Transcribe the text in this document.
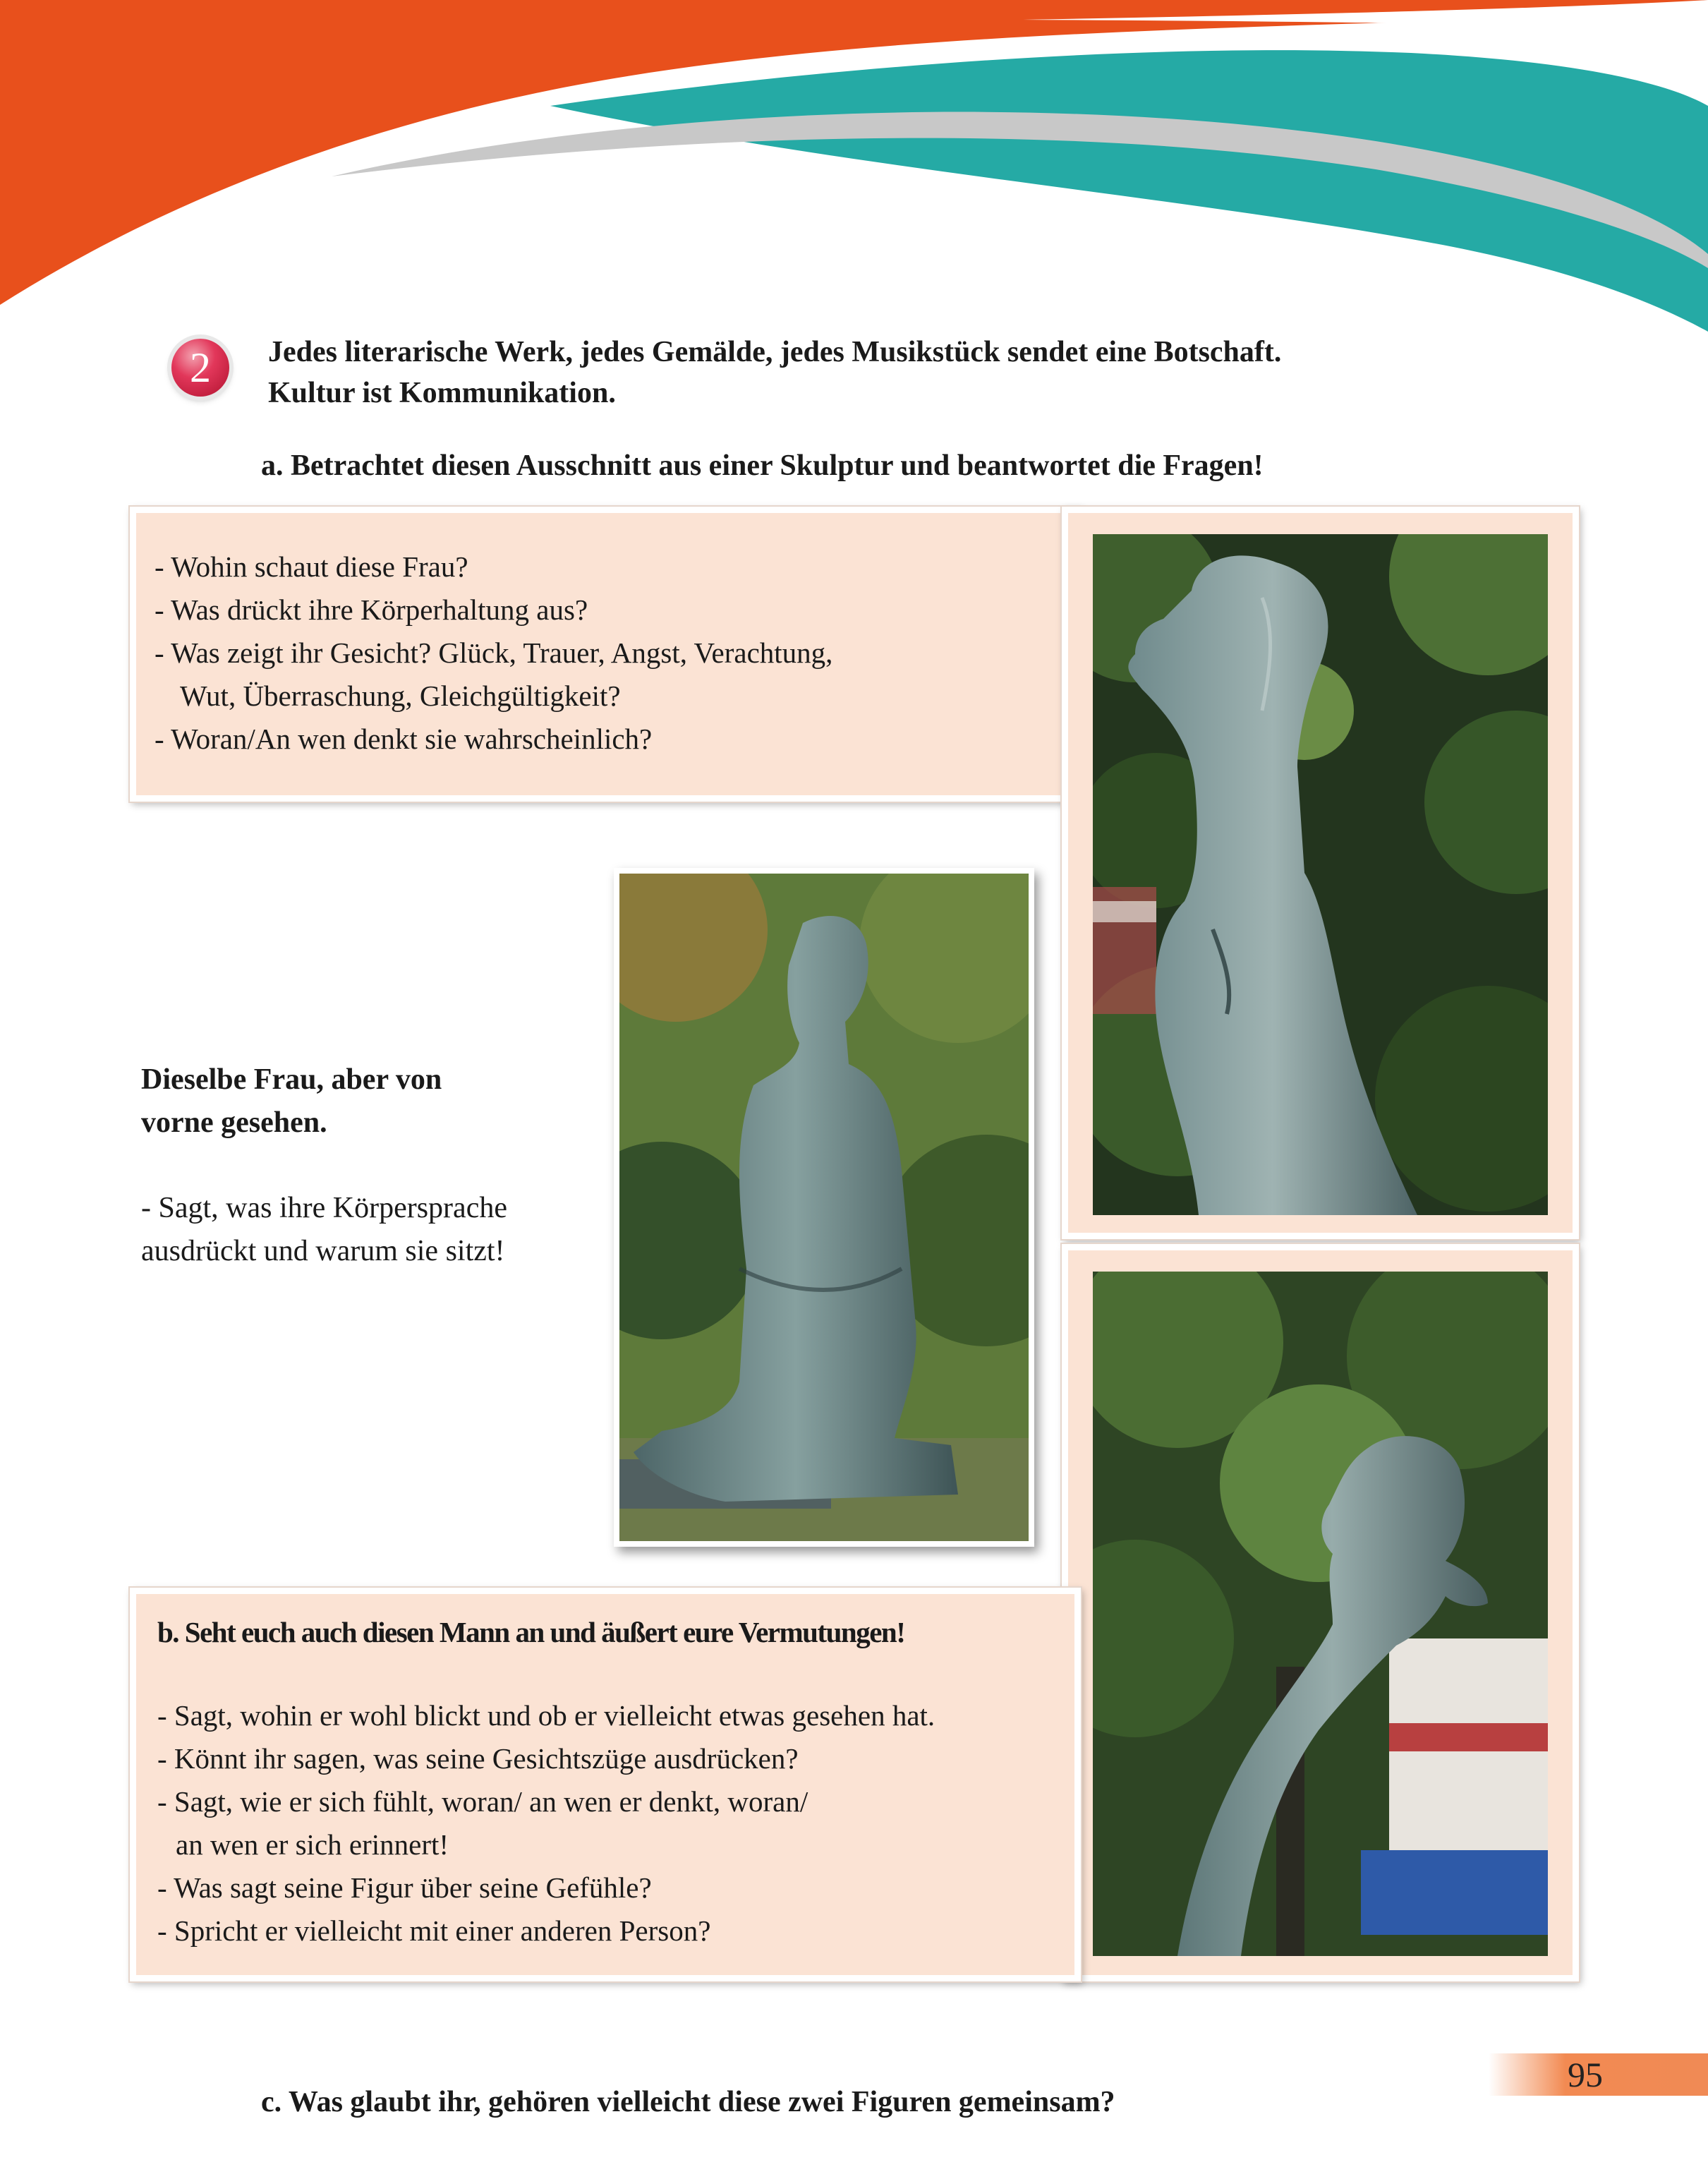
2	Jedes literarische Werk, jedes Gemälde, jedes Musikstück sendet eine Botschaft.
Kultur ist Kommunikation.
a. Betrachtet diesen Ausschnitt aus einer Skulptur und beantwortet die Fragen!
- Wohin schaut diese Frau?
- Was drückt ihre Körperhaltung aus?
- Was zeigt ihr Gesicht? Glück, Trauer, Angst, Verachtung,
Wut, Überraschung, Gleichgültigkeit?
- Woran/An wen denkt sie wahrscheinlich?
Dieselbe Frau, aber von
vorne gesehen.
- Sagt, was ihre Körpersprache
ausdrückt und warum sie sitzt!
b. Seht euch auch diesen Mann an und äußert eure Vermutungen!
- Sagt, wohin er wohl blickt und ob er vielleicht etwas gesehen hat.
- Könnt ihr sagen, was seine Gesichtszüge ausdrücken?
- Sagt, wie er sich fühlt, woran/ an wen er denkt, woran/
an wen er sich erinnert!
- Was sagt seine Figur über seine Gefühle?
- Spricht er vielleicht mit einer anderen Person?
c. Was glaubt ihr, gehören vielleicht diese zwei Figuren gemeinsam?
95
